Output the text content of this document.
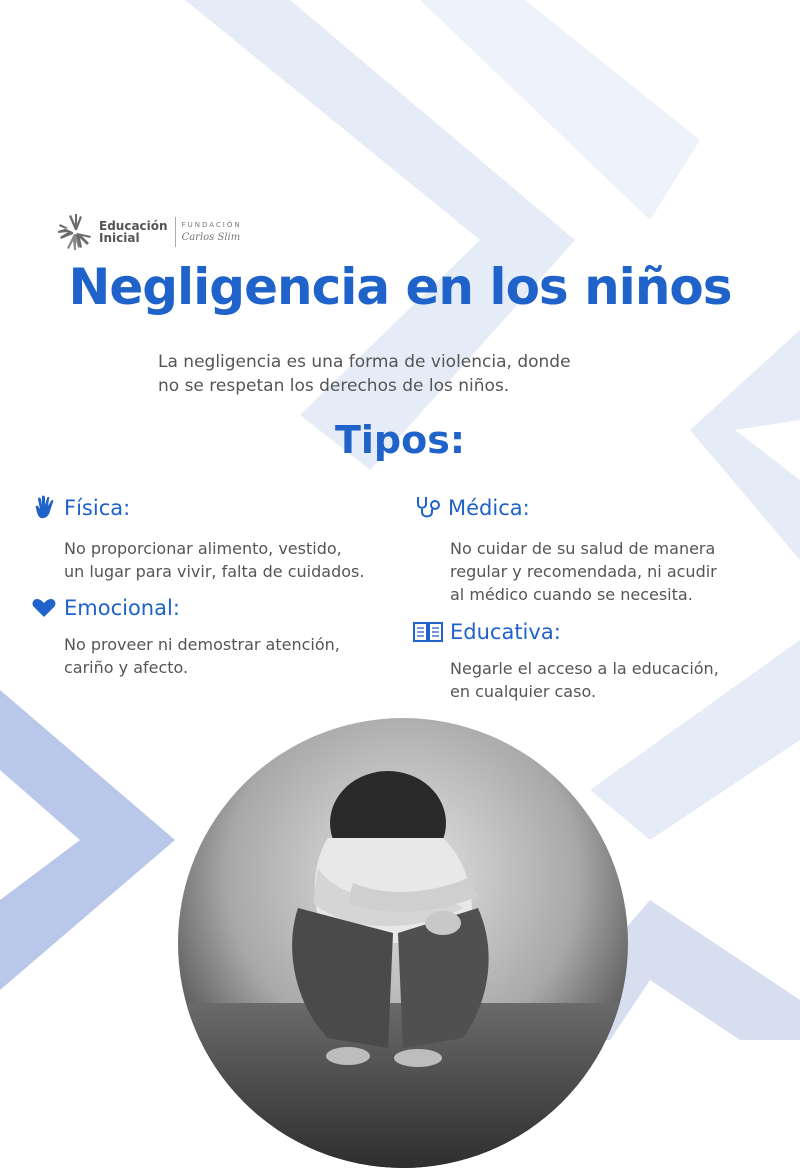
Educación
Inicial
FUNDACIÓN
Carlos Slim
Negligencia en los niños
La negligencia es una forma de violencia, donde
no se respetan los derechos de los niños.
Tipos:
Física:
No proporcionar alimento, vestido,
un lugar para vivir, falta de cuidados.
Emocional:
No proveer ni demostrar atención,
cariño y afecto.
Médica:
No cuidar de su salud de manera
regular y recomendada, ni acudir
al médico cuando se necesita.
Educativa:
Negarle el acceso a la educación,
en cualquier caso.
